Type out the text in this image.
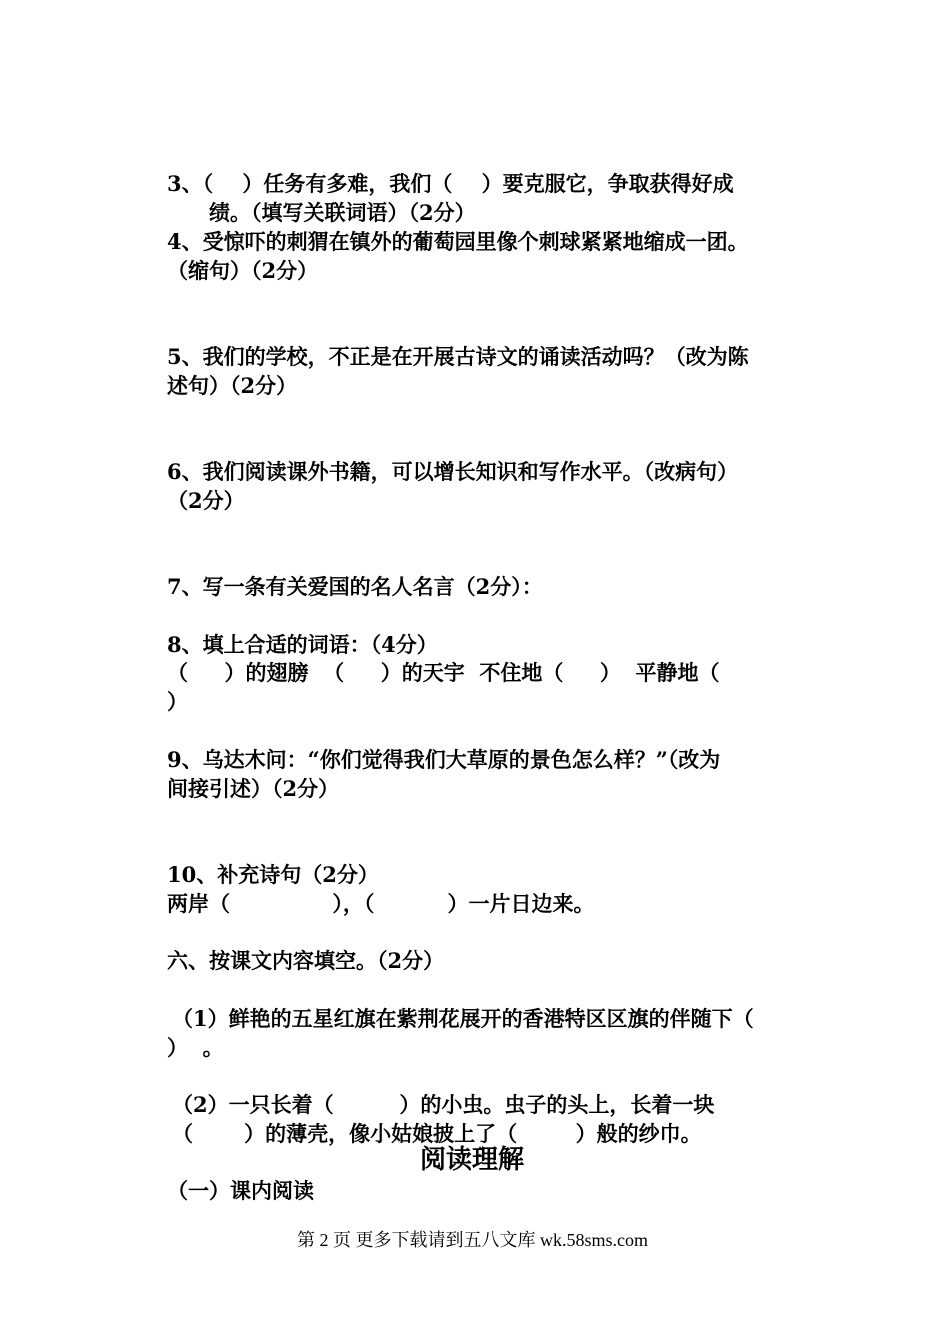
3、（    ）任务有多难，我们（    ）要克服它，争取获得好成
绩。（填写关联词语）（2分）
4、受惊吓的刺猬在镇外的葡萄园里像个刺球紧紧地缩成一团。
（缩句）（2分）
5、我们的学校，不正是在开展古诗文的诵读活动吗？（改为陈
述句）（2分）
6、我们阅读课外书籍，可以增长知识和写作水平。（改病句）
（2分）
7、写一条有关爱国的名人名言（2分）：
8、填上合适的词语：（4分）
（     ）的翅膀  （     ）的天宇  不住地（     ）  平静地（
）
9、乌达木问：“你们觉得我们大草原的景色怎么样？”（改为
间接引述）（2分）
10、补充诗句（2分）
两岸（              ），（          ）一片日边来。
六、按课文内容填空。（2分）
（1）鲜艳的五星红旗在紫荆花展开的香港特区区旗的伴随下（
）  。
（2）一只长着（         ）的小虫。虫子的头上，长着一块
（       ）的薄壳，像小姑娘披上了（        ）般的纱巾。
阅读理解
（一）课内阅读
第 2 页 更多下载请到五八文库 wk.58sms.com
